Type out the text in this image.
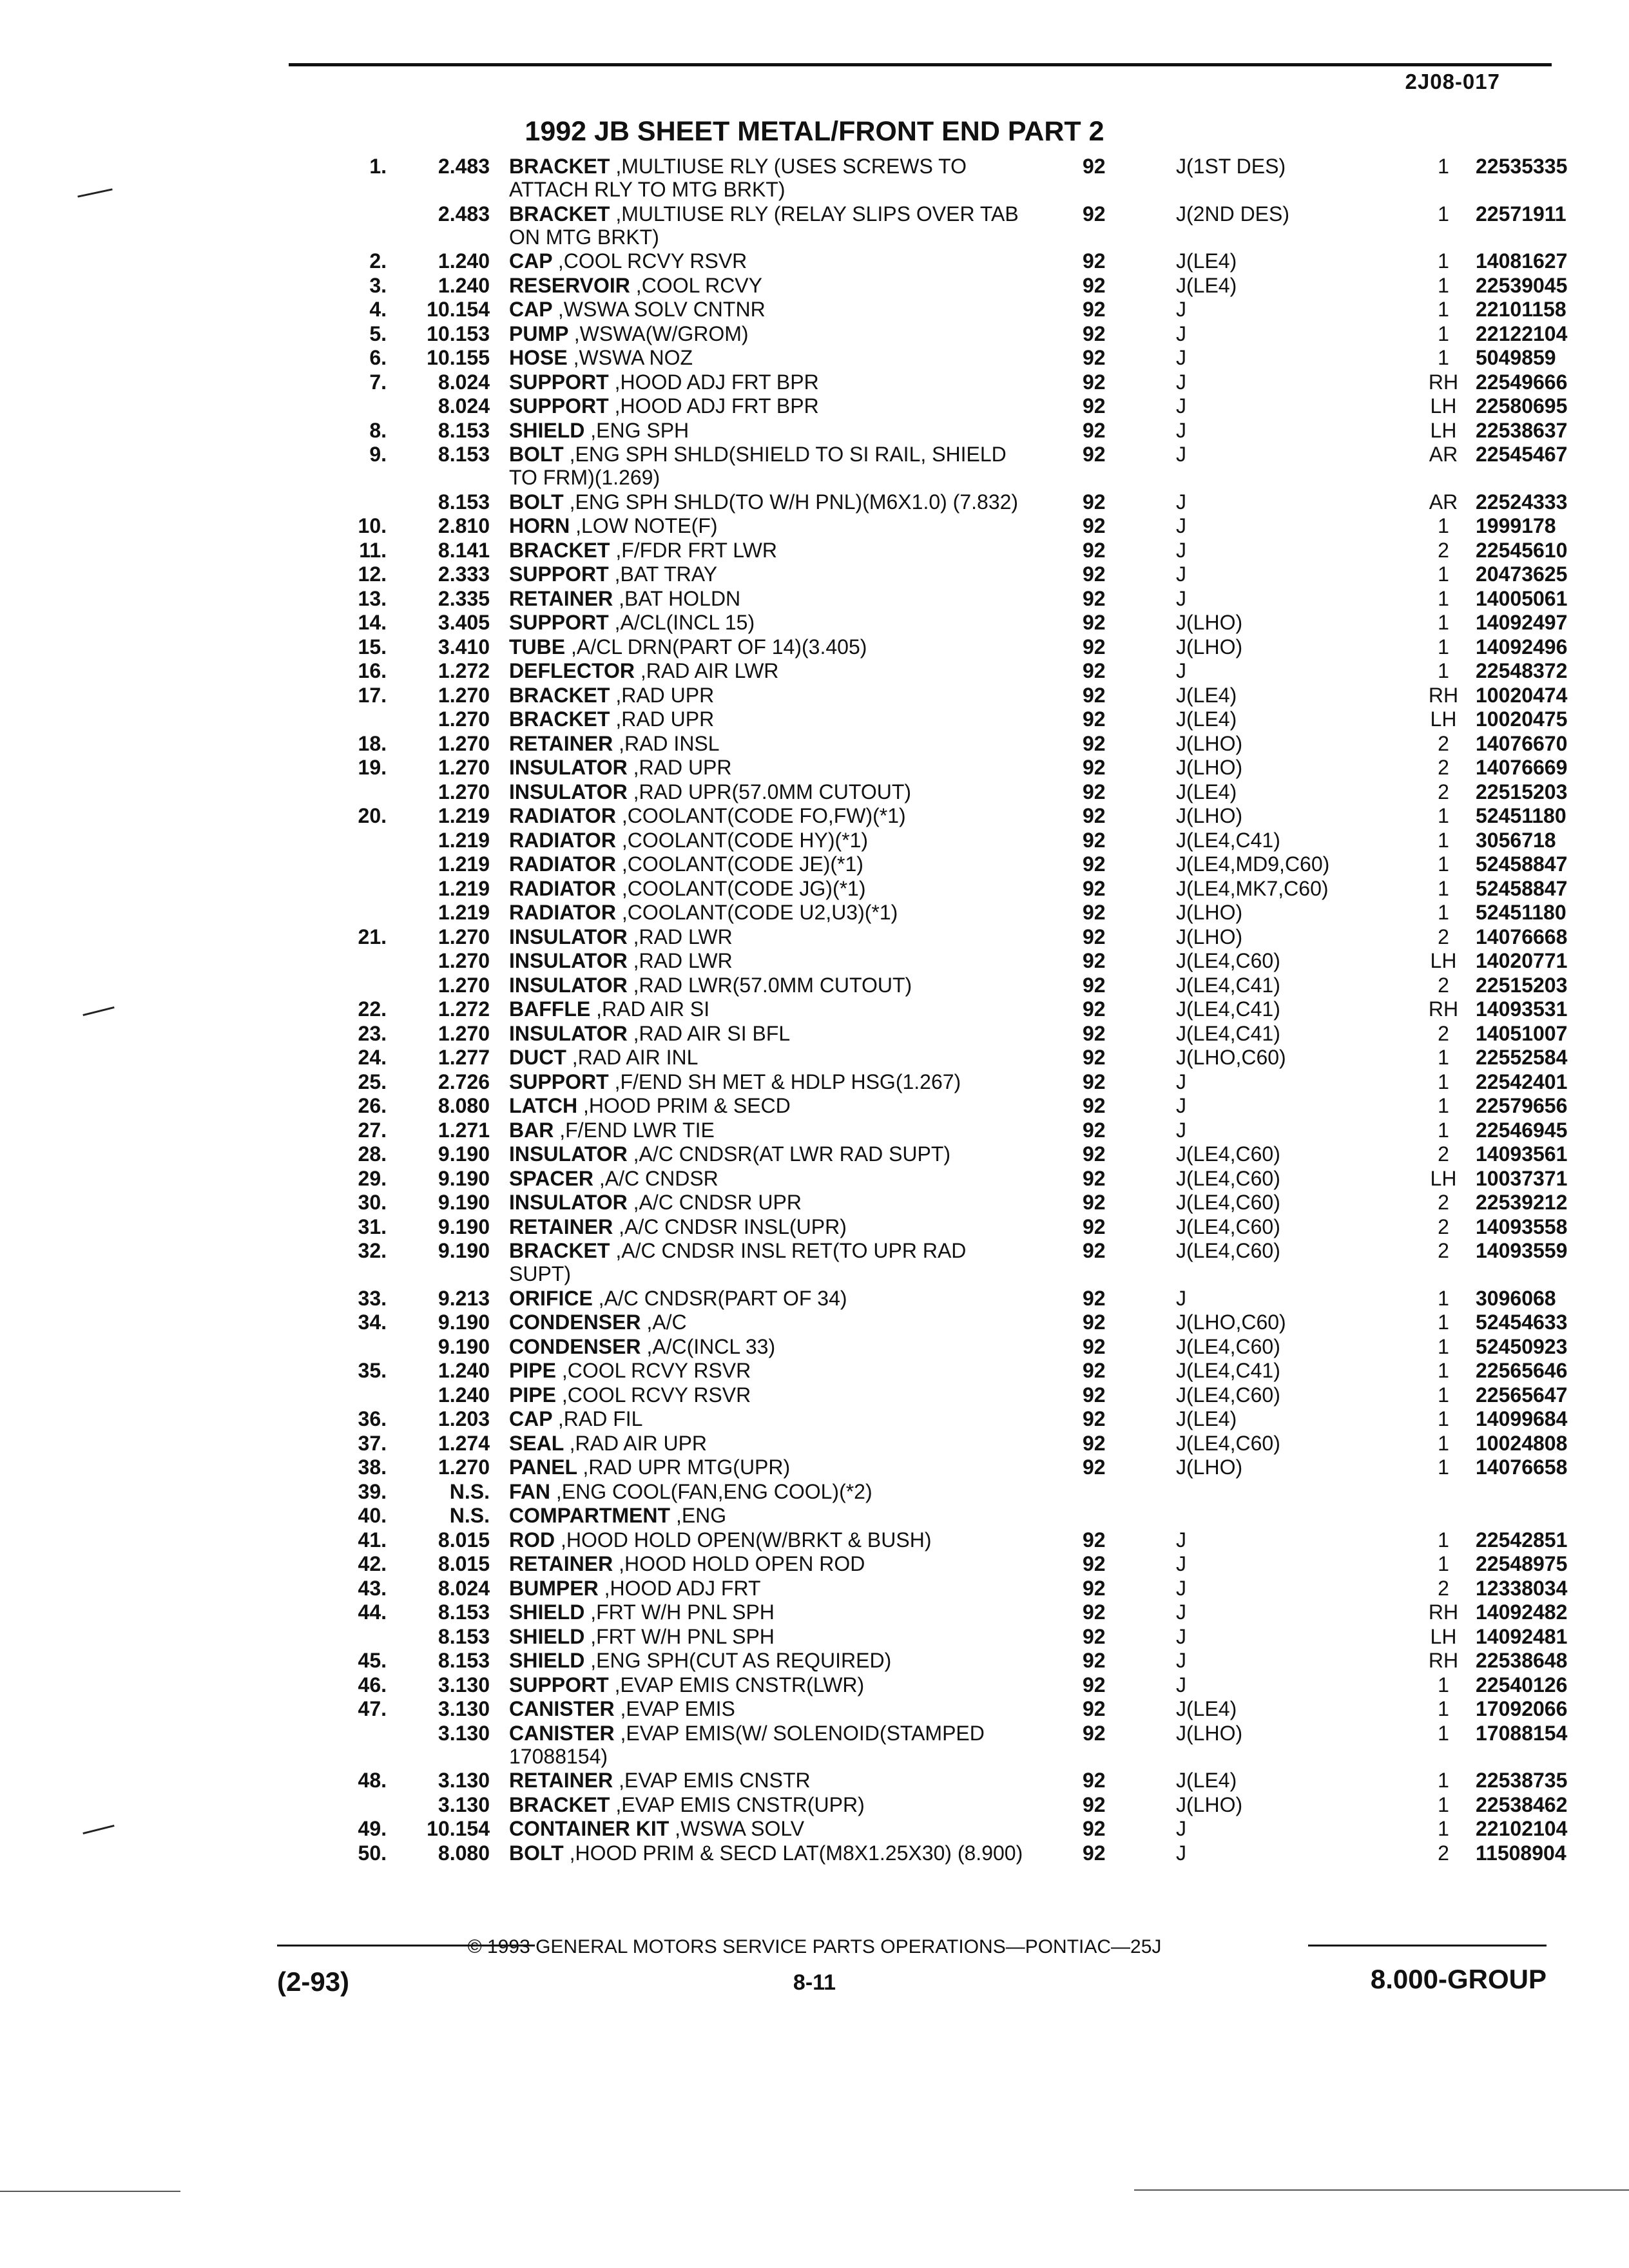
2J08-017
1992 JB SHEET METAL/FRONT END PART 2
1.	2.483 BRACKET ,MULTIUSE RLY (USES SCREWS TO ATTACH RLY TO MTG BRKT)
92	J(1ST DES)	1	22535335
2.483 BRACKET ,MULTIUSE RLY (RELAY SLIPS OVER TAB ON MTG BRKT)
92	J(2ND DES)	1	22571911
2.	1.240 CAP ,COOL RCVY RSVR	92	J(LE4)	1	14081627
3.	1.240 RESERVOIR ,COOL RCVY	92	J(LE4)	1	22539045
4.	10.154 CAP ,WSWA SOLV CNTNR	92	J	1	22101158
5.	10.153 PUMP ,WSWA(W/GROM)	92	J	1	22122104
6.	10.155 HOSE ,WSWA NOZ	92	J	1	5049859
7.	8.024 SUPPORT ,HOOD ADJ FRT BPR	92	J	RH 22549666
8.024 SUPPORT ,HOOD ADJ FRT BPR	92	J	LH 22580695
8.	8.153 SHIELD ,ENG SPH	92	J	LH 22538637
9.	8.153 BOLT ,ENG SPH SHLD(SHIELD TO SI RAIL, SHIELD TO FRM)(1.269)
92	J	AR 22545467
8.153 BOLT ,ENG SPH SHLD(TO W/H PNL)(M6X1.0) (7.832)	92	J	AR 22524333
10.	2.810 HORN ,LOW NOTE(F)	92	J	1	1999178
11.	8.141 BRACKET ,F/FDR FRT LWR	92	J	2	22545610
12.	2.333 SUPPORT ,BAT TRAY	92	J	1	20473625
13.	2.335 RETAINER ,BAT HOLDN	92	J	1	14005061
14.	3.405 SUPPORT ,A/CL(INCL 15)	92	J(LHO)	1	14092497
15.	3.410 TUBE ,A/CL DRN(PART OF 14)(3.405)	92	J(LHO)	1	14092496
16.	1.272 DEFLECTOR ,RAD AIR LWR	92	J	1	22548372
17.	1.270 BRACKET ,RAD UPR	92	J(LE4)	RH 10020474
1.270 BRACKET ,RAD UPR	92	J(LE4)	LH 10020475
18.	1.270 RETAINER ,RAD INSL	92	J(LHO)	2	14076670
19.	1.270 INSULATOR ,RAD UPR	92	J(LHO)	2	14076669
1.270 INSULATOR ,RAD UPR(57.0MM CUTOUT)	92	J(LE4)	2	22515203
20.	1.219 RADIATOR ,COOLANT(CODE FO,FW)(*1)	92	J(LHO)	1	52451180
1.219 RADIATOR ,COOLANT(CODE HY)(*1)	92	J(LE4,C41)	1	3056718
1.219 RADIATOR ,COOLANT(CODE JE)(*1)	92	J(LE4,MD9,C60)	1	52458847
1.219 RADIATOR ,COOLANT(CODE JG)(*1)	92	J(LE4,MK7,C60)	1	52458847
1.219 RADIATOR ,COOLANT(CODE U2,U3)(*1)	92	J(LHO)	1	52451180
21.	1.270 INSULATOR ,RAD LWR	92	J(LHO)	2	14076668
1.270 INSULATOR ,RAD LWR	92	J(LE4,C60)	LH 14020771
1.270 INSULATOR ,RAD LWR(57.0MM CUTOUT)	92	J(LE4,C41)	2	22515203
22.	1.272 BAFFLE ,RAD AIR SI	92	J(LE4,C41)	RH 14093531
23.	1.270 INSULATOR ,RAD AIR SI BFL	92	J(LE4,C41)	2	14051007
24.	1.277 DUCT ,RAD AIR INL	92	J(LHO,C60)	1	22552584
25.	2.726 SUPPORT ,F/END SH MET & HDLP HSG(1.267)	92	J	1	22542401
26.	8.080 LATCH ,HOOD PRIM & SECD	92	J	1	22579656
27.	1.271 BAR ,F/END LWR TIE	92	J	1	22546945
28.	9.190 INSULATOR ,A/C CNDSR(AT LWR RAD SUPT)	92	J(LE4,C60)	2	14093561
29.	9.190 SPACER ,A/C CNDSR	92	J(LE4,C60)	LH 10037371
30.	9.190 INSULATOR ,A/C CNDSR UPR	92	J(LE4,C60)	2	22539212
31.	9.190 RETAINER ,A/C CNDSR INSL(UPR)	92	J(LE4,C60)	2	14093558
32.	9.190 BRACKET ,A/C CNDSR INSL RET(TO UPR RAD SUPT)
92	J(LE4,C60)	2	14093559
33.	9.213 ORIFICE ,A/C CNDSR(PART OF 34)	92	J	1	3096068
34.	9.190 CONDENSER ,A/C	92	J(LHO,C60)	1	52454633
9.190 CONDENSER ,A/C(INCL 33)	92	J(LE4,C60)	1	52450923
35.	1.240 PIPE ,COOL RCVY RSVR	92	J(LE4,C41)	1	22565646
1.240 PIPE ,COOL RCVY RSVR	92	J(LE4,C60)	1	22565647
36.	1.203 CAP ,RAD FIL	92	J(LE4)	1	14099684
37.	1.274 SEAL ,RAD AIR UPR	92	J(LE4,C60)	1	10024808
38.	1.270 PANEL ,RAD UPR MTG(UPR)	92	J(LHO)	1	14076658
39.	N.S. FAN ,ENG COOL(FAN,ENG COOL)(*2)
40.	N.S. COMPARTMENT ,ENG
41.	8.015 ROD ,HOOD HOLD OPEN(W/BRKT & BUSH)	92	J	1	22542851
42.	8.015 RETAINER ,HOOD HOLD OPEN ROD	92	J	1	22548975
43.	8.024 BUMPER ,HOOD ADJ FRT	92	J	2	12338034
44.	8.153 SHIELD ,FRT W/H PNL SPH	92	J	RH 14092482
8.153 SHIELD ,FRT W/H PNL SPH	92	J	LH 14092481
45.	8.153 SHIELD ,ENG SPH(CUT AS REQUIRED)	92	J	RH 22538648
46.	3.130 SUPPORT ,EVAP EMIS CNSTR(LWR)	92	J	1	22540126
47.	3.130 CANISTER ,EVAP EMIS	92	J(LE4)	1	17092066
3.130 CANISTER ,EVAP EMIS(W/ SOLENOID(STAMPED 17088154)
92	J(LHO)	1	17088154
48.	3.130 RETAINER ,EVAP EMIS CNSTR	92	J(LE4)	1	22538735
3.130 BRACKET ,EVAP EMIS CNSTR(UPR)	92	J(LHO)	1	22538462
49.	10.154 CONTAINER KIT ,WSWA SOLV	92	J	1	22102104
50.	8.080 BOLT ,HOOD PRIM & SECD LAT(M8X1.25X30) (8.900)	92	J	2	11508904
© 1993 GENERAL MOTORS SERVICE PARTS OPERATIONS—PONTIAC—25J
(2-93)	8-11	8.000-GROUP
